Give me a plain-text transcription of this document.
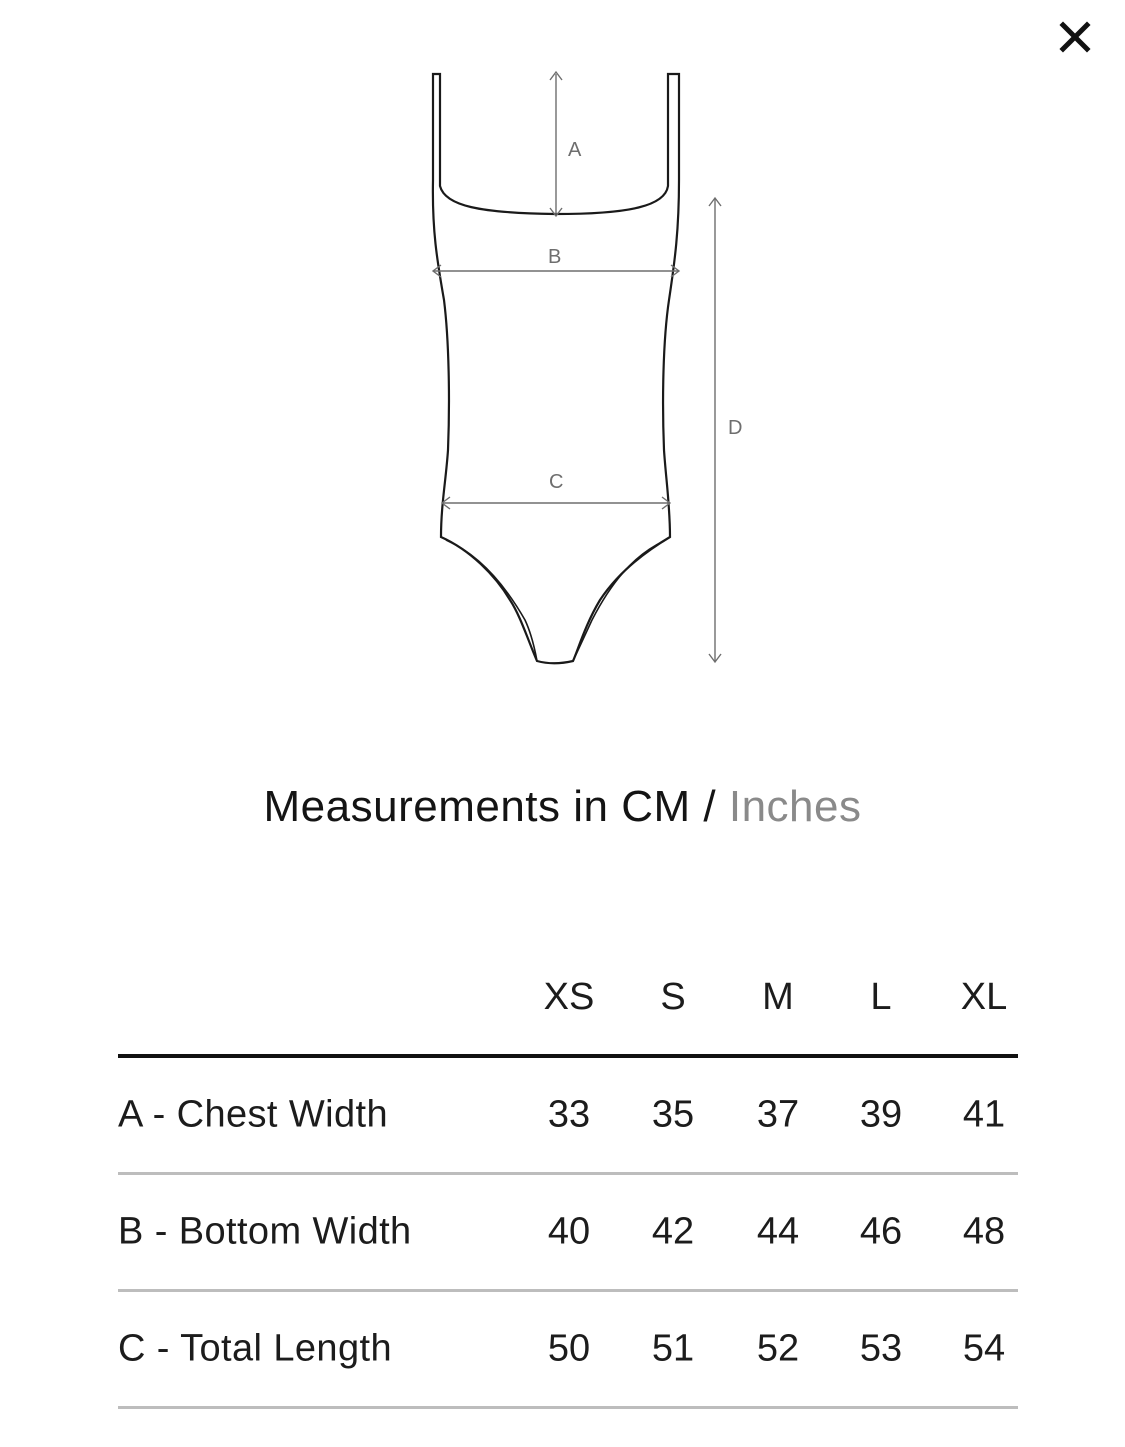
A
B
C
D
Measurements in CM / Inches
XS	S	M	L	XL
A - Chest Width	33	35	37	39	41
B - Bottom Width	40	42	44	46	48
C - Total Length	50	51	52	53	54
